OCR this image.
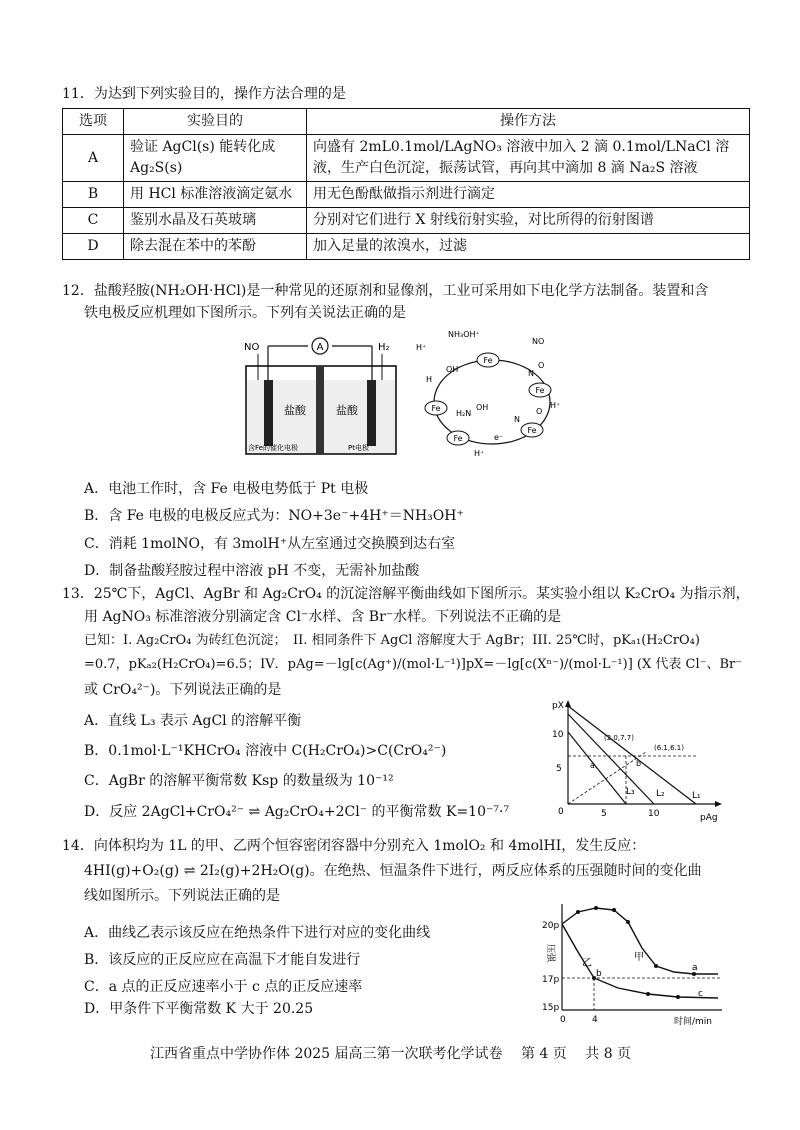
11．为达到下列实验目的，操作方法合理的是
选项	实验目的	操作方法
A	验证 AgCl(s) 能转化成 Ag₂S(s)	向盛有 2mL0.1mol/LAgNO₃ 溶液中加入 2 滴 0.1mol/LNaCl 溶液，生产白色沉淀，振荡试管，再向其中滴加 8 滴 Na₂S 溶液
B	用 HCl 标准溶液滴定氨水	用无色酚酞做指示剂进行滴定
C	鉴别水晶及石英玻璃	分别对它们进行 X 射线衍射实验，对比所得的衍射图谱
D	除去混在苯中的苯酚	加入足量的浓溴水，过滤
12．盐酸羟胺(NH₂OH·HCl)是一种常见的还原剂和显像剂，工业可采用如下电化学方法制备。装置和含
铁电极反应机理如下图所示。下列有关说法正确的是
A
NO	H₂
盐酸	盐酸
含Fe的催化电极	Pt电极
Fe
Fe
Fe
Fe
Fe
NH₃OH⁺
NO
H⁺
H
OH	O
N
H⁺
O
N
H₂N
OH
e⁻
H⁺
A．电池工作时，含 Fe 电极电势低于 Pt 电极
B．含 Fe 电极的电极反应式为：NO+3e⁻+4H⁺＝NH₃OH⁺
C．消耗 1molNO，有 3molH⁺从左室通过交换膜到达右室
D．制备盐酸羟胺过程中溶液 pH 不变，无需补加盐酸
13．25℃下，AgCl、AgBr 和 Ag₂CrO₄ 的沉淀溶解平衡曲线如下图所示。某实验小组以 K₂CrO₄ 为指示剂，
用 AgNO₃ 标准溶液分别滴定含 Cl⁻水样、含 Br⁻水样。下列说法不正确的是
已知：I. Ag₂CrO₄ 为砖红色沉淀；　II. 相同条件下 AgCl 溶解度大于 AgBr；III. 25℃时，pKₐ₁(H₂CrO₄)
=0.7，pKₐ₂(H₂CrO₄)=6.5；IV．pAg=－lg[c(Ag⁺)/(mol·L⁻¹)]pX=－lg[c(Xⁿ⁻)/(mol·L⁻¹)] (X 代表 Cl⁻、Br⁻
或 CrO₄²⁻)。下列说法正确的是
A．直线 L₃ 表示 AgCl 的溶解平衡
B．0.1mol·L⁻¹KHCrO₄ 溶液中 C(H₂CrO₄)>C(CrO₄²⁻)
C．AgBr 的溶解平衡常数 Ksp 的数量级为 10⁻¹²
D．反应 2AgCl+CrO₄²⁻ ⇌ Ag₂CrO₄+2Cl⁻ 的平衡常数 K=10⁻⁷·⁷
pX
pAg
0
10
5
5	10
(2.0,7.7)
(6.1,6.1)
a	b
L₁
L₂
L₃
14．向体积均为 1L 的甲、乙两个恒容密闭容器中分别充入 1molO₂ 和 4molHI，发生反应：
4HI(g)+O₂(g) ⇌ 2I₂(g)+2H₂O(g)。在绝热、恒温条件下进行，两反应体系的压强随时间的变化曲
线如图所示。下列说法正确的是
A．曲线乙表示该反应在绝热条件下进行对应的变化曲线
B．该反应的正反应应在高温下才能自发进行
C．a 点的正反应速率小于 c 点的正反应速率
D．甲条件下平衡常数 K 大于 20.25
20p
17p
15p
压强
0	4	时间/min
甲
乙	a
b
c
江西省重点中学协作体 2025 届高三第一次联考化学试卷 第 4 页 共 8 页
